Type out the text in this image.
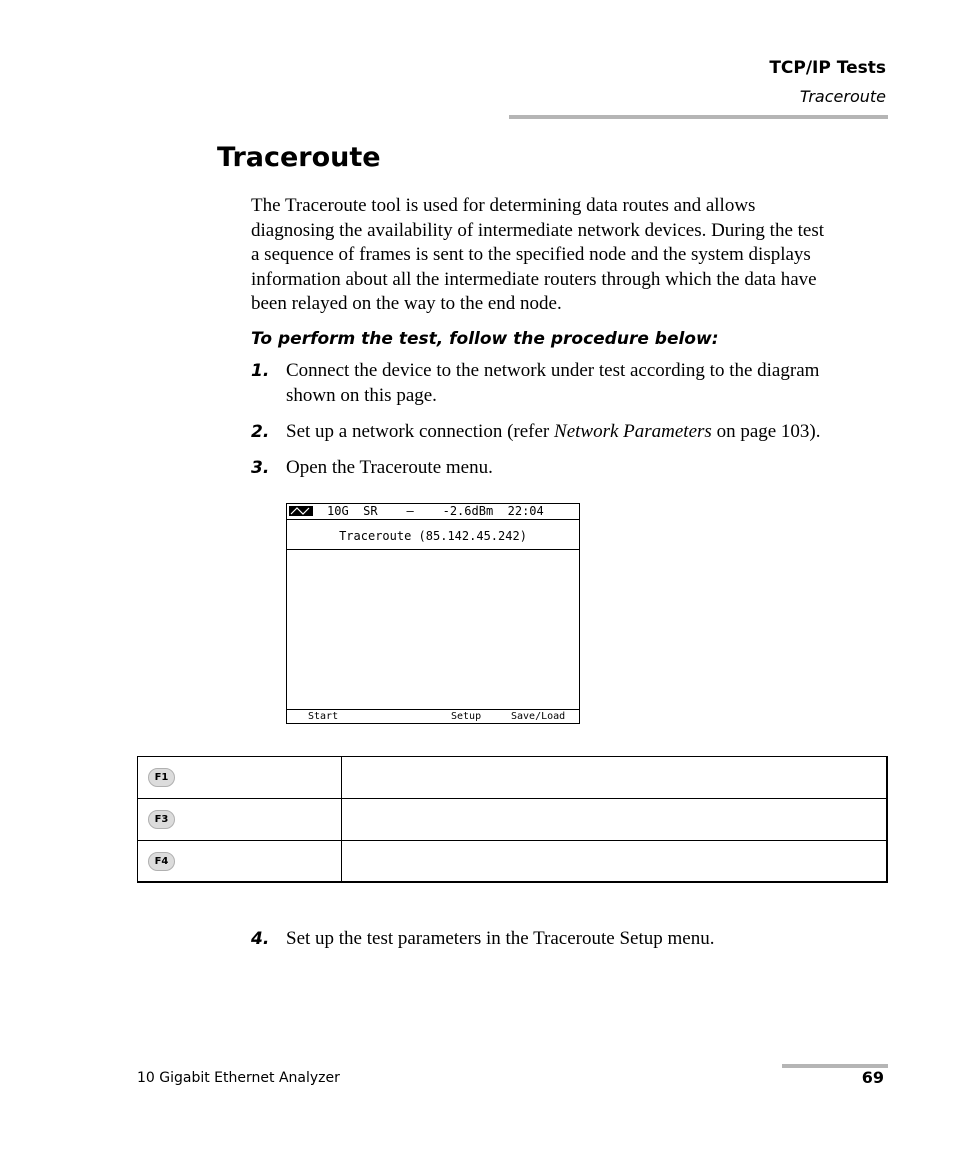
TCP/IP Tests
Traceroute
Traceroute
The Traceroute tool is used for determining data routes and allows
diagnosing the availability of intermediate network devices. During the test
a sequence of frames is sent to the specified node and the system displays
information about all the intermediate routers through which the data have
been relayed on the way to the end node.
To perform the test, follow the procedure below:
1. Connect the device to the network under test according to the diagram
shown on this page.
2. Set up a network connection (refer Network Parameters on page 103).
3. Open the Traceroute menu.
10G  SR    –    -2.6dBm  22:04
Traceroute (85.142.45.242)
Start	Setup	Save/Load
F1
F3
F4
4. Set up the test parameters in the Traceroute Setup menu.
10 Gigabit Ethernet Analyzer	69
